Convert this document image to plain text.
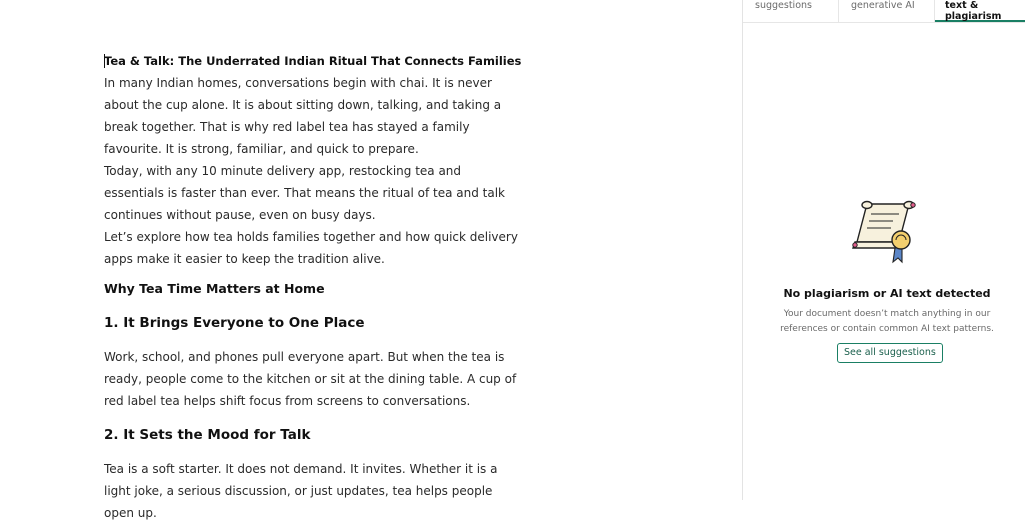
Tea & Talk: The Underrated Indian Ritual That Connects Families

In many Indian homes, conversations begin with chai. It is never about the cup alone. It is about sitting down, talking, and taking a break together. That is why red label tea has stayed a family favourite. It is strong, familiar, and quick to prepare.

Today, with any 10 minute delivery app, restocking tea and essentials is faster than ever. That means the ritual of tea and talk continues without pause, even on busy days.

Let’s explore how tea holds families together and how quick delivery apps make it easier to keep the tradition alive.

Why Tea Time Matters at Home

1. It Brings Everyone to One Place

Work, school, and phones pull everyone apart. But when the tea is ready, people come to the kitchen or sit at the dining table. A cup of red label tea helps shift focus from screens to conversations.

2. It Sets the Mood for Talk

Tea is a soft starter. It does not demand. It invites. Whether it is a light joke, a serious discussion, or just updates, tea helps people open up.

suggestions	generative AI	text & plagiarism
No plagiarism or AI text detected
Your document doesn’t match anything in our references or contain common AI text patterns.
See all suggestions
